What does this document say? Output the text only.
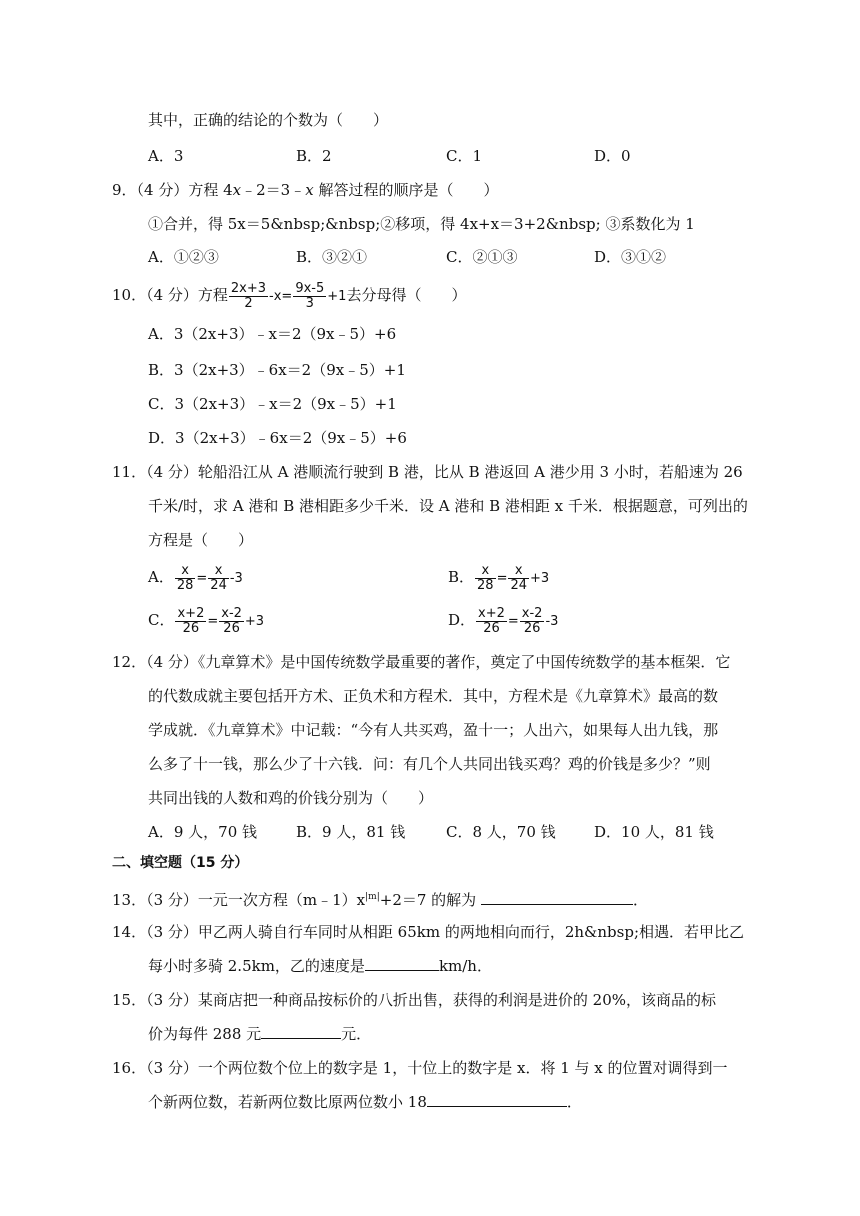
其中，正确的结论的个数为（　　）
A．3	B．2	C．1	D．0
9．（4 分）方程 4x﹣2＝3﹣x 解答过程的顺序是（　　）
①合并，得 5x＝5&nbsp;&nbsp;②移项，得 4x+x＝3+2&nbsp; ③系数化为 1
A．①②③	B．③②①	C．②①③	D．③①②
10．（4 分）方程 $\frac{2x+3}{2} -x= \frac{9x-5}{3} +1$去分母得（　　）
A．3（2x+3）﹣x＝2（9x﹣5）+6
B．3（2x+3）﹣6x＝2（9x﹣5）+1
C．3（2x+3）﹣x＝2（9x﹣5）+1
D．3（2x+3）﹣6x＝2（9x﹣5）+6
11．（4 分）轮船沿江从 A 港顺流行驶到 B 港，比从 B 港返回 A 港少用 3 小时，若船速为 26
千米/时，求 A 港和 B 港相距多少千米．设 A 港和 B 港相距 x 千米．根据题意，可列出的
方程是（　　）
A． $\frac{x}{28} = \frac{x}{24} -3$	B． $\frac{x}{28} = \frac{x}{24} +3$
C． $\frac{x+2}{26} = \frac{x-2}{26} +3$	D． $\frac{x+2}{26} = \frac{x-2}{26} -3$
12．（4 分）《九章算术》是中国传统数学最重要的著作，奠定了中国传统数学的基本框架．它
的代数成就主要包括开方术、正负术和方程术．其中，方程术是《九章算术》最高的数
学成就．《九章算术》中记载：“今有人共买鸡，盈十一；人出六，如果每人出九钱，那
么多了十一钱，那么少了十六钱．问：有几个人共同出钱买鸡？鸡的价钱是多少？”则
共同出钱的人数和鸡的价钱分别为（　　）
A．9 人，70 钱	B．9 人，81 钱	C．8 人，70 钱	D．10 人，81 钱
二、填空题（15 分）
13．（3 分）一元一次方程$(m﹣1)x^{|m|}+2=7$ 的解为	．
14．（3 分）甲乙两人骑自行车同时从相距 65km 的两地相向而行，2h&nbsp;相遇．若甲比乙
每小时多骑 2.5km，乙的速度是	km/h．
15．（3 分）某商店把一种商品按标价的八折出售，获得的利润是进价的 20%，该商品的标
价为每件 288 元	元．
16．（3 分）一个两位数个位上的数字是 1，十位上的数字是 x．将 1 与 x 的位置对调得到一
个新两位数，若新两位数比原两位数小 18	．
